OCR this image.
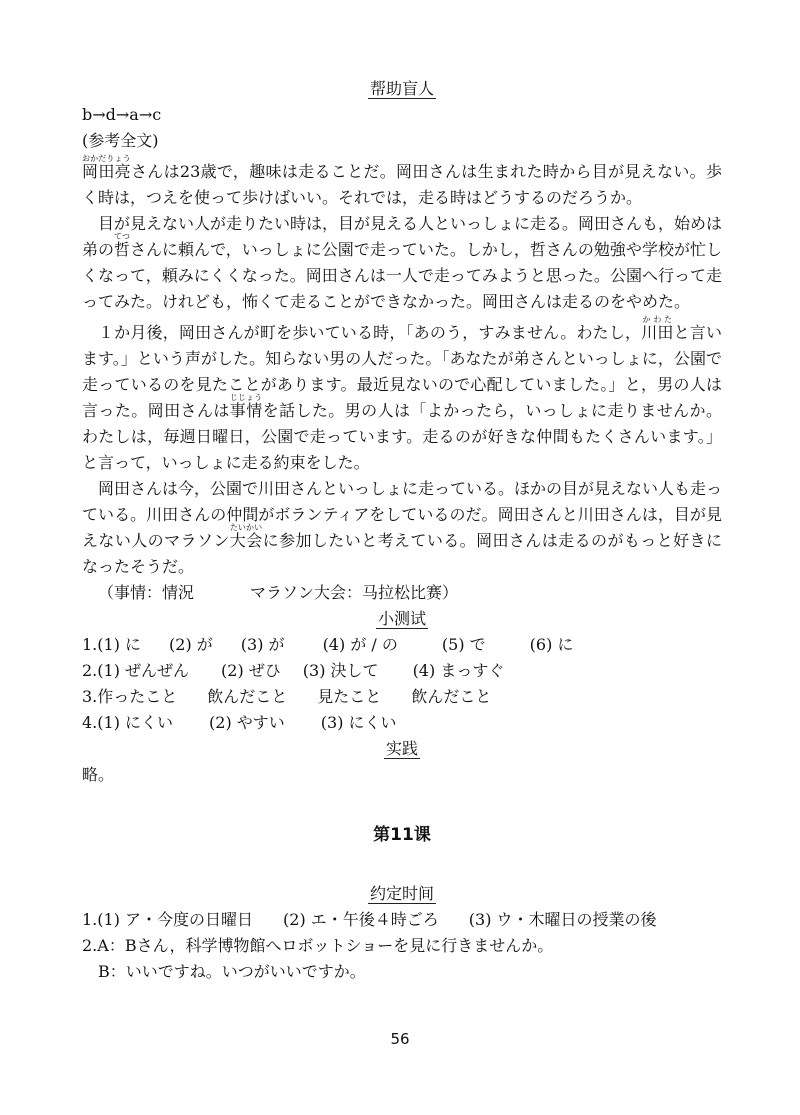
帮助盲人

b→d→a→c

(参考全文)

岡田亮おかだりょうさんは23歳で，趣味は走ることだ。岡田さんは生まれた時から目が見えない。歩く時は，つえを使って歩けばいい。それでは，走る時はどうするのだろうか。

目が見えない人が走りたい時は，目が見える人といっしょに走る。岡田さんも，始めは弟の哲てつさんに頼んで，いっしょに公園で走っていた。しかし，哲さんの勉強や学校が忙しくなって，頼みにくくなった。岡田さんは一人で走ってみようと思った。公園へ行って走ってみた。けれども，怖くて走ることができなかった。岡田さんは走るのをやめた。

１か月後，岡田さんが町を歩いている時，「あのう，すみません。わたし，川田かわたと言います。」という声がした。知らない男の人だった。「あなたが弟さんといっしょに，公園で走っているのを見たことがあります。最近見ないので心配していました。」と，男の人は言った。岡田さんは事情じじょうを話した。男の人は「よかったら，いっしょに走りませんか。わたしは，毎週日曜日，公園で走っています。走るのが好きな仲間もたくさんいます。」と言って，いっしょに走る約束をした。

岡田さんは今，公園で川田さんといっしょに走っている。ほかの目が見えない人も走っている。川田さんの仲間がボランティアをしているのだ。岡田さんと川田さんは，目が見えない人のマラソン大会たいかいに参加したいと考えている。岡田さんは走るのがもっと好きになったそうだ。

（事情：情況	マラソン大会：马拉松比赛）

小测试

1.(1) に (2) が (3) が (4) が / の	(5) で	(6) に

2.(1) ぜんぜん (2) ぜひ (3) 決して (4) まっすぐ

3.作ったこと 飲んだこと 見たこと 飲んだこと

4.(1) にくい (2) やすい (3) にくい

实践

略。

第11课

约定时间

1.(1) ア・今度の日曜日 (2) エ・午後４時ごろ (3) ウ・木曜日の授業の後

2.A：Bさん，科学博物館へロボットショーを見に行きませんか。

B：いいですね。いつがいいですか。

56
